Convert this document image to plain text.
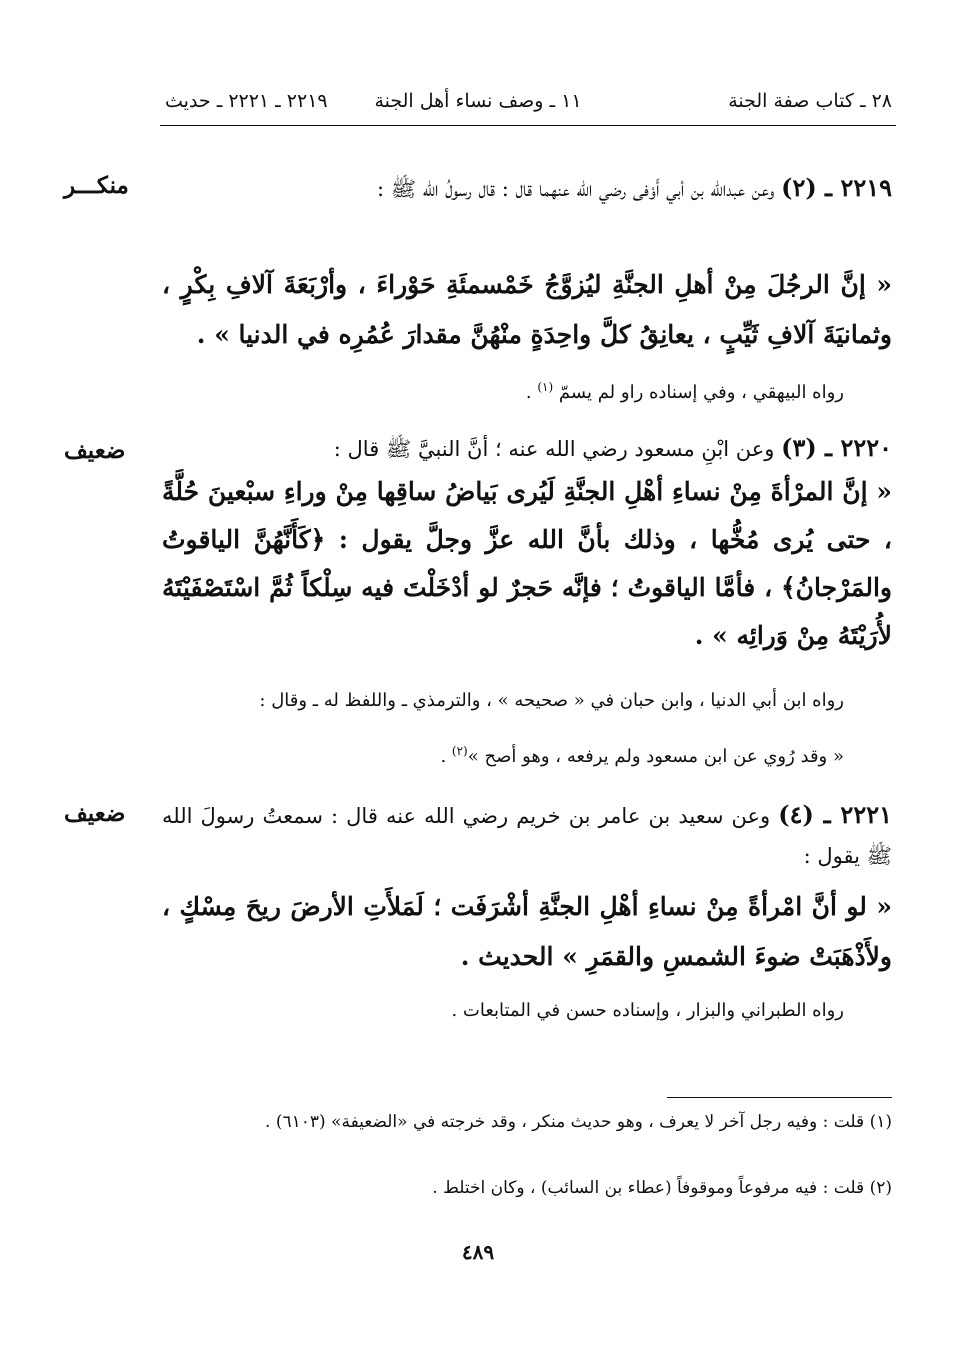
٢٨ ـ كتاب صفة الجنة
١١ ـ وصف نساء أهل الجنة
٢٢١٩ ـ ٢٢٢١ ـ حديث
منكـــر	٢٢١٩ ـ (٢) وعن عبدالله بن أبي أَوْفى رضي الله عنهما قال : قال رسولُ الله ﷺ :
« إنَّ الرجُلَ مِنْ أهلِ الجنَّةِ ليُزوَّجُ خَمْسمئَةِ حَوْراءَ ، وأرْبَعَةَ آلافِ بِكْرٍ ، وثمانيَةَ آلافِ ثَيِّبٍ ، يعانِقُ كلَّ واحِدَةٍ منْهُنَّ مقدارَ عُمُرِه في الدنيا » .
رواه البيهقي ، وفي إسناده راو لم يسمّ $^{(١)}$ .
ضعيف	٢٢٢٠ ـ (٣) وعن ابْنِ مسعود رضي الله عنه ؛ أنَّ النبيَّ ﷺ قال :
« إنَّ المرْأةَ مِنْ نساءِ أهْلِ الجنَّةِ لَيُرى بَياضُ ساقِها مِنْ وراءِ سبْعينَ حُلَّةً ، حتى يُرى مُخُّها ، وذلك بأنَّ الله عزَّ وجلَّ يقول : ﴿كَأَنَّهُنَّ الياقوتُ والمَرْجانُ﴾ ، فأمَّا الياقوتُ ؛ فإنَّه حَجرٌ لو أدْخَلْتَ فيه سِلْكاً ثُمَّ اسْتَصْفَيْتَهُ لأُرَيْتَهُ مِنْ وَرائِه » .
رواه ابن أبي الدنيا ، وابن حبان في « صحيحه » ، والترمذي ـ واللفظ له ـ وقال :
« وقد رُوي عن ابن مسعود ولم يرفعه ، وهو أصح »$^{(٢)}$ .
ضعيف	٢٢٢١ ـ (٤) وعن سعيد بن عامر بن خريم رضي الله عنه قال : سمعتُ رسولَ الله ﷺ يقول :
« لو أنَّ امْرأةً مِنْ نساءِ أهْلِ الجنَّةِ أشْرَفَت ؛ لَمَلأَتِ الأرضَ ريحَ مِسْكٍ ، ولأَذْهَبَتْ ضوءَ الشمسِ والقمَرِ » الحديث .
رواه الطبراني والبزار ، وإسناده حسن في المتابعات .
(١) قلت : وفيه رجل آخر لا يعرف ، وهو حديث منكر ، وقد خرجته في «الضعيفة» (٦١٠٣) .
(٢) قلت : فيه مرفوعاً وموقوفاً (عطاء بن السائب) ، وكان اختلط .
٤٨٩
